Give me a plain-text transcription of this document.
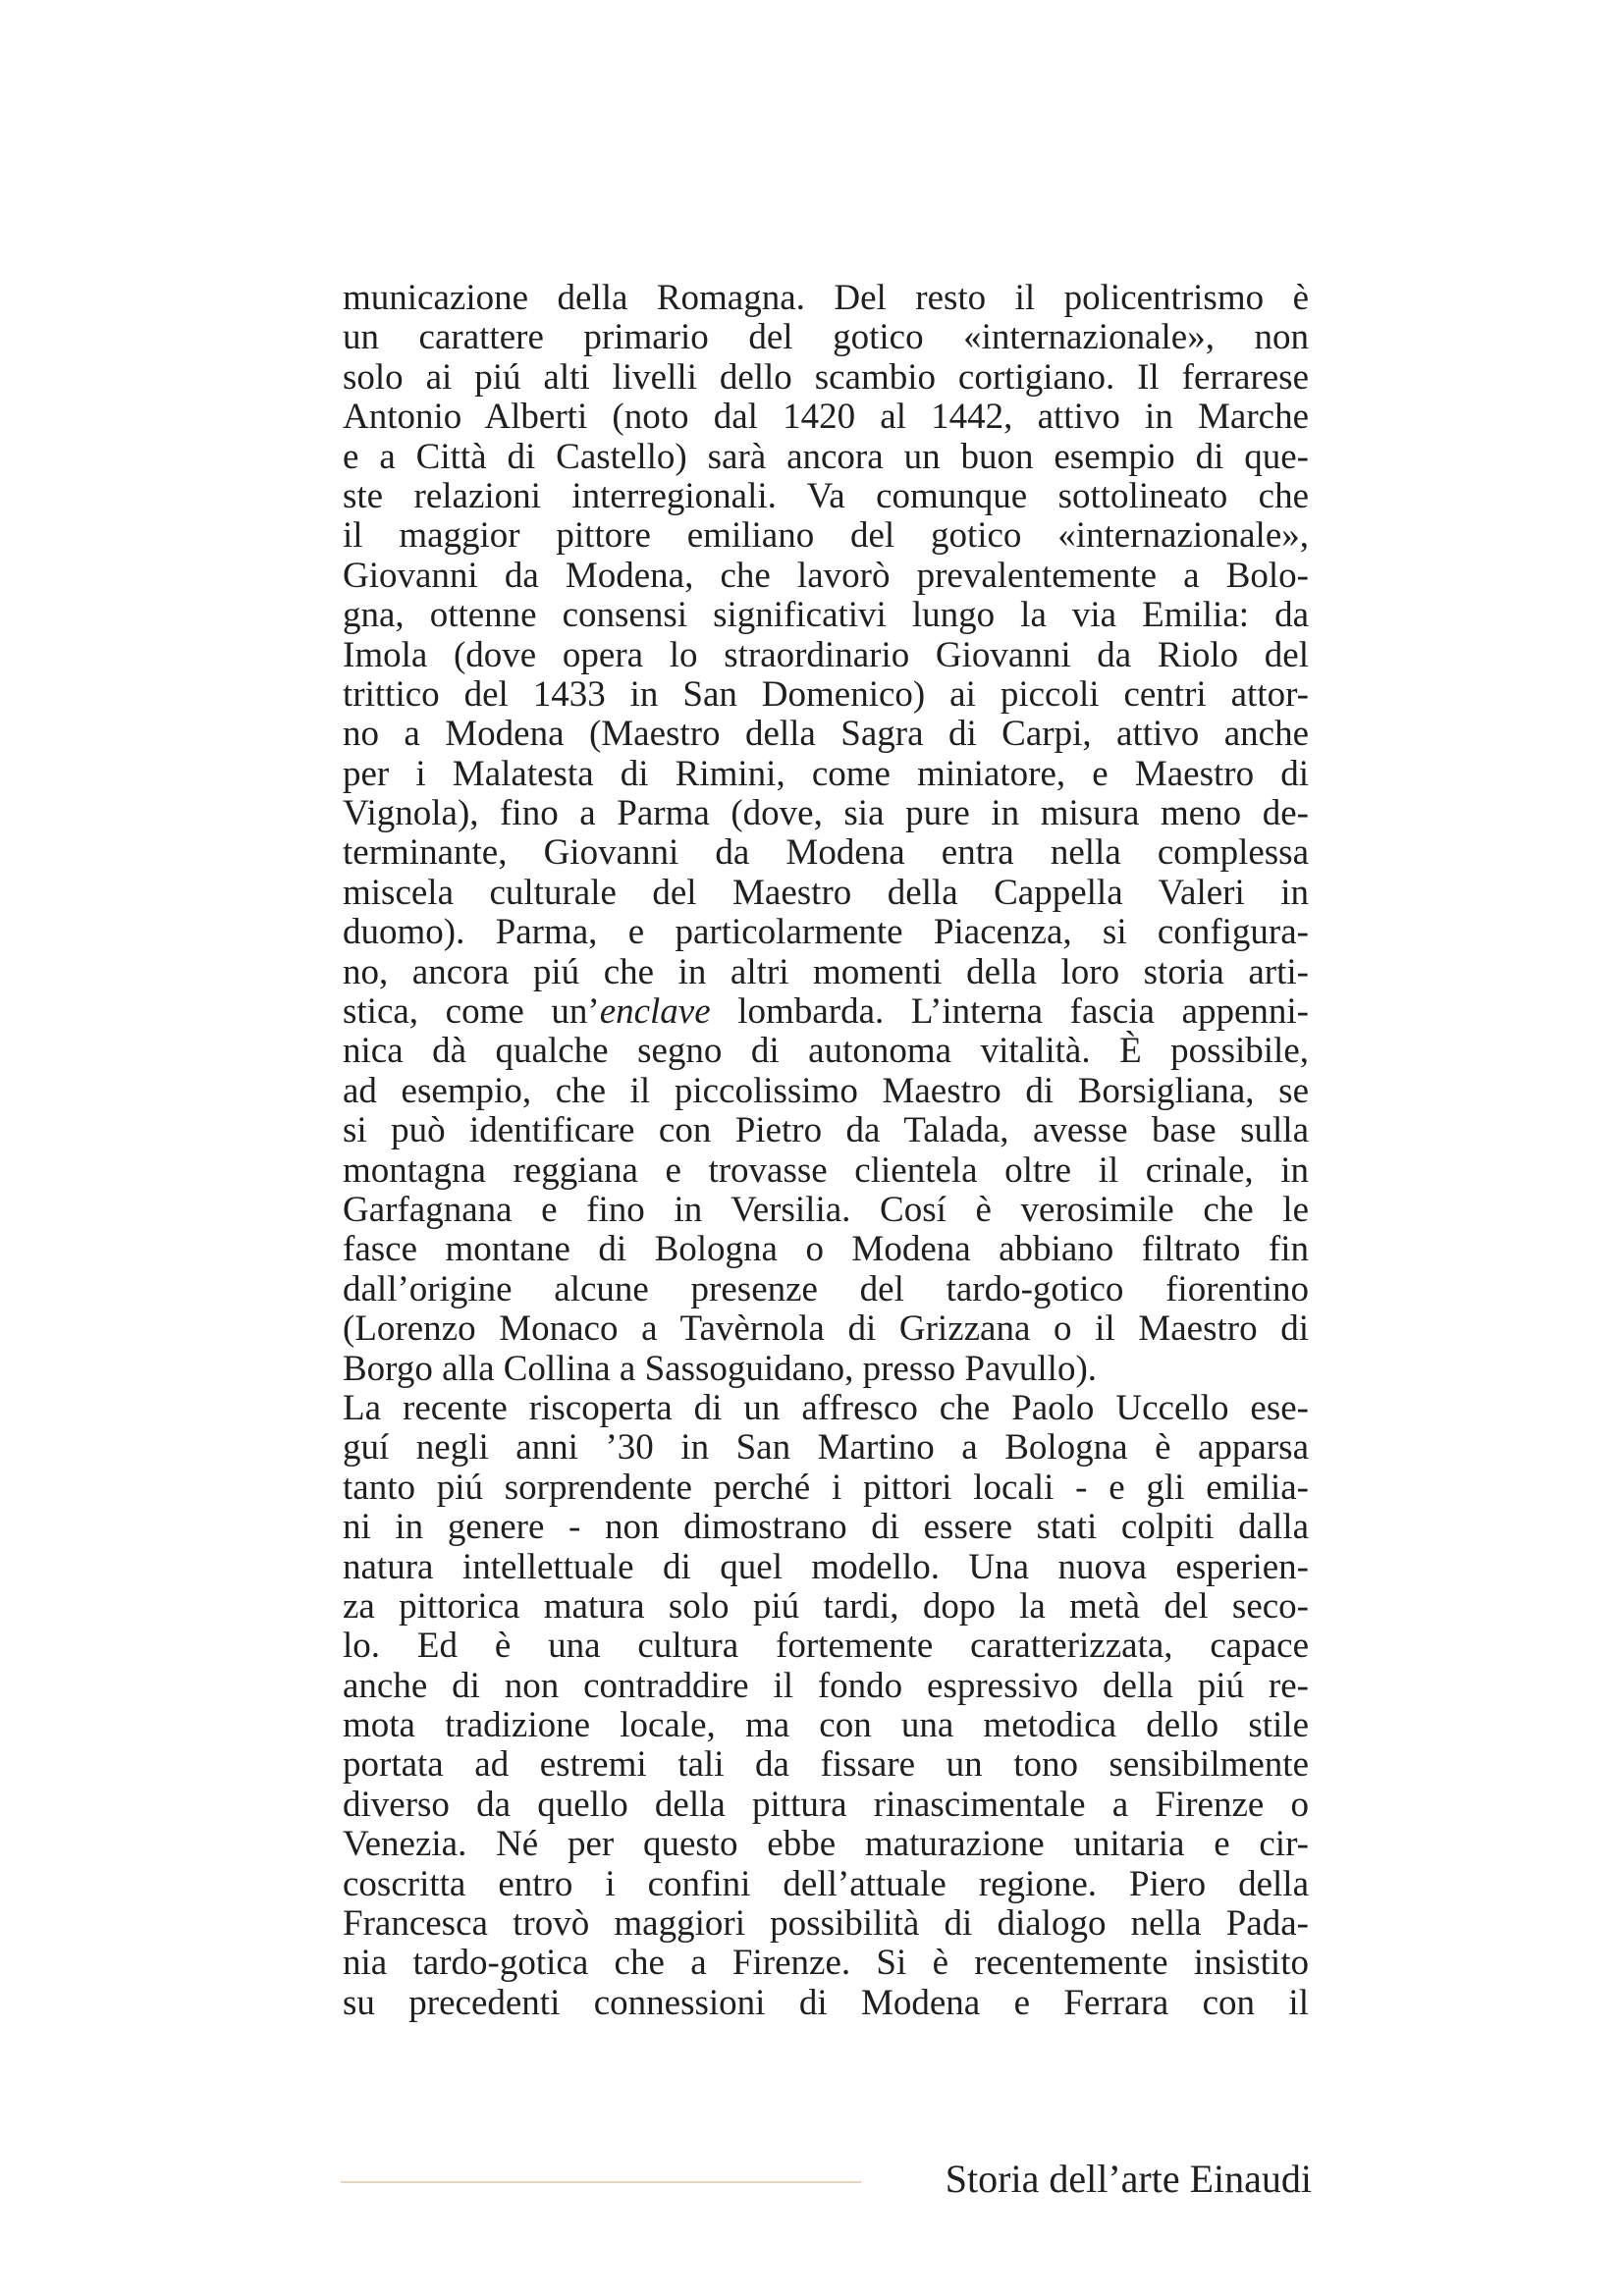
municazione della Romagna. Del resto il policentrismo è
un carattere primario del gotico «internazionale», non
solo ai piú alti livelli dello scambio cortigiano. Il ferrarese
Antonio Alberti (noto dal 1420 al 1442, attivo in Marche
e a Città di Castello) sarà ancora un buon esempio di que-
ste relazioni interregionali. Va comunque sottolineato che
il maggior pittore emiliano del gotico «internazionale»,
Giovanni da Modena, che lavorò prevalentemente a Bolo-
gna, ottenne consensi significativi lungo la via Emilia: da
Imola (dove opera lo straordinario Giovanni da Riolo del
trittico del 1433 in San Domenico) ai piccoli centri attor-
no a Modena (Maestro della Sagra di Carpi, attivo anche
per i Malatesta di Rimini, come miniatore, e Maestro di
Vignola), fino a Parma (dove, sia pure in misura meno de-
terminante, Giovanni da Modena entra nella complessa
miscela culturale del Maestro della Cappella Valeri in
duomo). Parma, e particolarmente Piacenza, si configura-
no, ancora piú che in altri momenti della loro storia arti-
stica, come un’enclave lombarda. L’interna fascia appenni-
nica dà qualche segno di autonoma vitalità. È possibile,
ad esempio, che il piccolissimo Maestro di Borsigliana, se
si può identificare con Pietro da Talada, avesse base sulla
montagna reggiana e trovasse clientela oltre il crinale, in
Garfagnana e fino in Versilia. Cosí è verosimile che le
fasce montane di Bologna o Modena abbiano filtrato fin
dall’origine alcune presenze del tardo-gotico fiorentino
(Lorenzo Monaco a Tavèrnola di Grizzana o il Maestro di
Borgo alla Collina a Sassoguidano, presso Pavullo).
La recente riscoperta di un affresco che Paolo Uccello ese-
guí negli anni ’30 in San Martino a Bologna è apparsa
tanto piú sorprendente perché i pittori locali - e gli emilia-
ni in genere - non dimostrano di essere stati colpiti dalla
natura intellettuale di quel modello. Una nuova esperien-
za pittorica matura solo piú tardi, dopo la metà del seco-
lo. Ed è una cultura fortemente caratterizzata, capace
anche di non contraddire il fondo espressivo della piú re-
mota tradizione locale, ma con una metodica dello stile
portata ad estremi tali da fissare un tono sensibilmente
diverso da quello della pittura rinascimentale a Firenze o
Venezia. Né per questo ebbe maturazione unitaria e cir-
coscritta entro i confini dell’attuale regione. Piero della
Francesca trovò maggiori possibilità di dialogo nella Pada-
nia tardo-gotica che a Firenze. Si è recentemente insistito
su precedenti connessioni di Modena e Ferrara con il
Storia dell’arte Einaudi
